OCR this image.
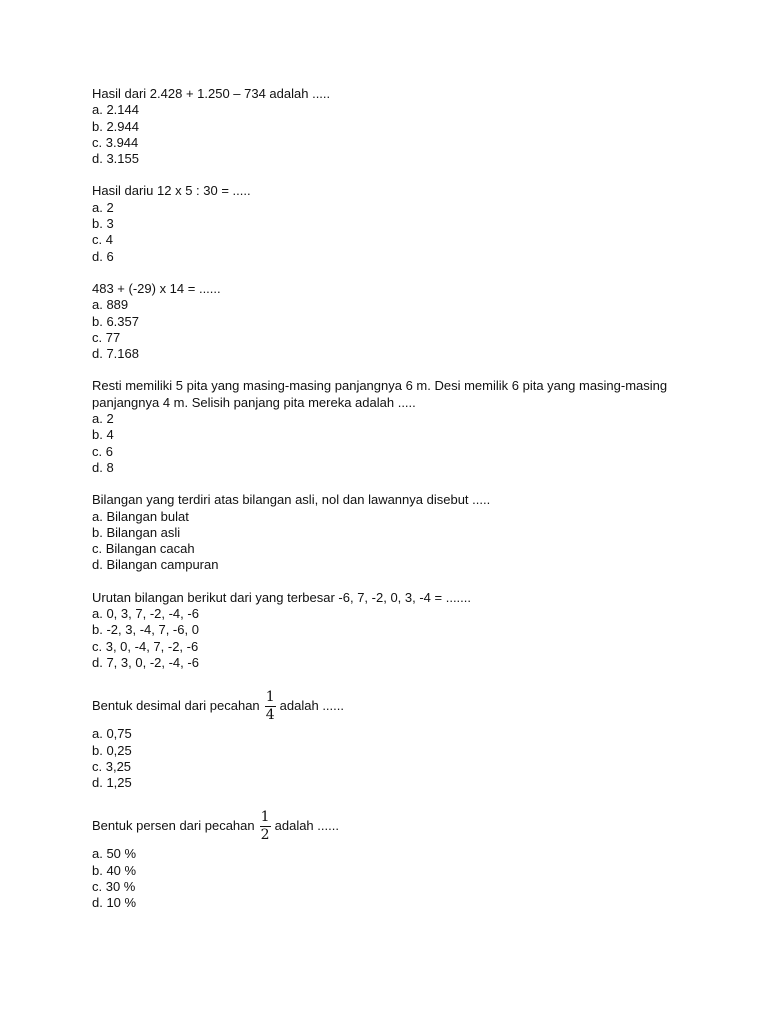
Hasil dari 2.428 + 1.250 – 734 adalah .....
a. 2.144
b. 2.944
c. 3.944
d. 3.155
Hasil dariu 12 x 5 : 30 = .....
a. 2
b. 3
c. 4
d. 6
483 + (-29) x 14 = ......
a. 889
b. 6.357
c. 77
d. 7.168
Resti memiliki 5 pita yang masing-masing panjangnya 6 m. Desi memilik 6 pita yang masing-masing panjangnya 4 m. Selisih panjang pita mereka adalah .....
a. 2
b. 4
c. 6
d. 8
Bilangan yang terdiri atas bilangan asli, nol dan lawannya disebut .....
a. Bilangan bulat
b. Bilangan asli
c. Bilangan cacah
d. Bilangan campuran
Urutan bilangan berikut dari yang terbesar -6, 7, -2, 0, 3, -4 = .......
a. 0, 3, 7, -2, -4, -6
b. -2, 3, -4, 7, -6, 0
c. 3, 0, -4, 7, -2, -6
d. 7, 3, 0, -2, -4, -6
Bentuk desimal dari pecahan $\frac{1}{4}$ adalah ......
a. 0,75
b. 0,25
c. 3,25
d. 1,25
Bentuk persen dari pecahan $\frac{1}{2}$ adalah ......
a. 50 %
b. 40 %
c. 30 %
d. 10 %
